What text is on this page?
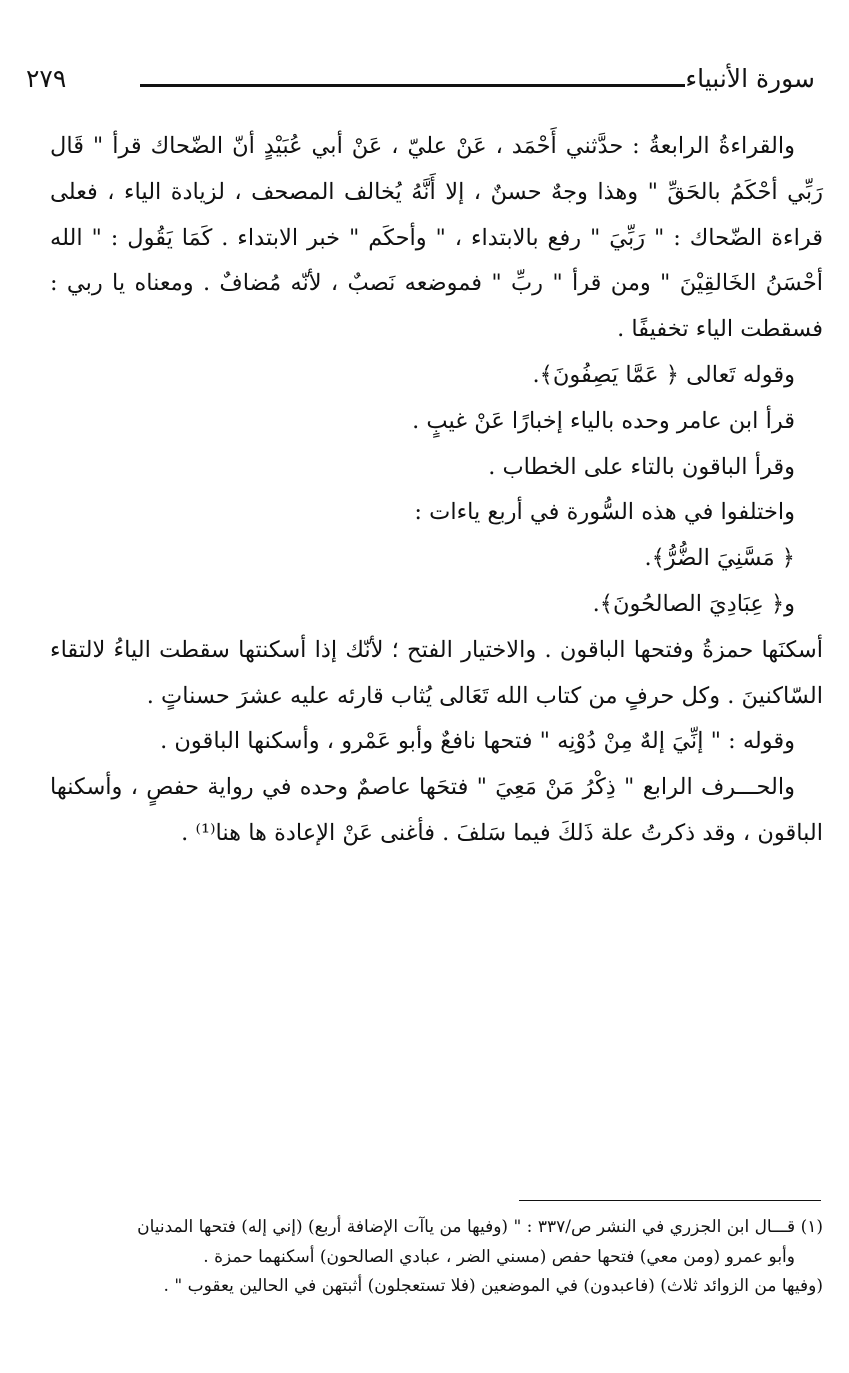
سورة الأنبياء
٢٧٩

والقراءةُ الرابعةُ : حدَّثني أَحْمَد ، عَنْ عليّ ، عَنْ أبي عُبَيْدٍ أنّ الضّحاك قرأ " قَال رَبِّي أحْكَمُ بالحَقِّ " وهذا وجهٌ حسنٌ ، إلا أَنَّهُ يُخالف المصحف ، لزيادة الياء ، فعلى قراءة الضّحاك : " رَبِّيَ " رفع بالابتداء ، " وأحكَم " خبر الابتداء . كَمَا يَقُول : " الله أحْسَنُ الخَالقِيْنَ " ومن قرأ " ربِّ " فموضعه نَصبٌ ، لأنّه مُضافٌ . ومعناه يا ربي : فسقطت الياء تخفيفًا .

وقوله تَعالى ﴿ عَمَّا يَصِفُونَ﴾.

قرأ ابن عامر وحده بالياء إخبارًا عَنْ غيبٍ .

وقرأ الباقون بالتاء على الخطاب .

واختلفوا في هذه السُّورة في أربع ياءات :

﴿ مَسَّنِيَ الضُّرُّ﴾.

و﴿ عِبَادِيَ الصالحُونَ﴾.

أسكنَها حمزةُ وفتحها الباقون . والاختيار الفتح ؛ لأنّك إذا أسكنتها سقطت الياءُ لالتقاء السّاكنينَ . وكل حرفٍ من كتاب الله تَعَالى يُثاب قارئه عليه عشرَ حسناتٍ .

وقوله : " إنِّيَ إلهٌ مِنْ دُوْنِه " فتحها نافعٌ وأبو عَمْرو ، وأسكنها الباقون .

والحـــرف الرابع " ذِكْرُ مَنْ مَعِيَ " فتحَها عاصمٌ وحده في رواية حفصٍ ، وأسكنها الباقون ، وقد ذكرتُ علة ذَلكَ فيما سَلفَ . فأغنى عَنْ الإعادة ها هنا⁽¹⁾ .

(١) قـــال ابن الجزري في النشر ص/٣٣٧ : " (وفيها من ياآت الإضافة أربع) (إني إله) فتحها المدنيان

وأبو عمرو (ومن معي) فتحها حفص (مسني الضر ، عبادي الصالحون) أسكنهما حمزة .

(وفيها من الزوائد ثلاث) (فاعبدون) في الموضعين (فلا تستعجلون) أثبتهن في الحالين يعقوب " .
